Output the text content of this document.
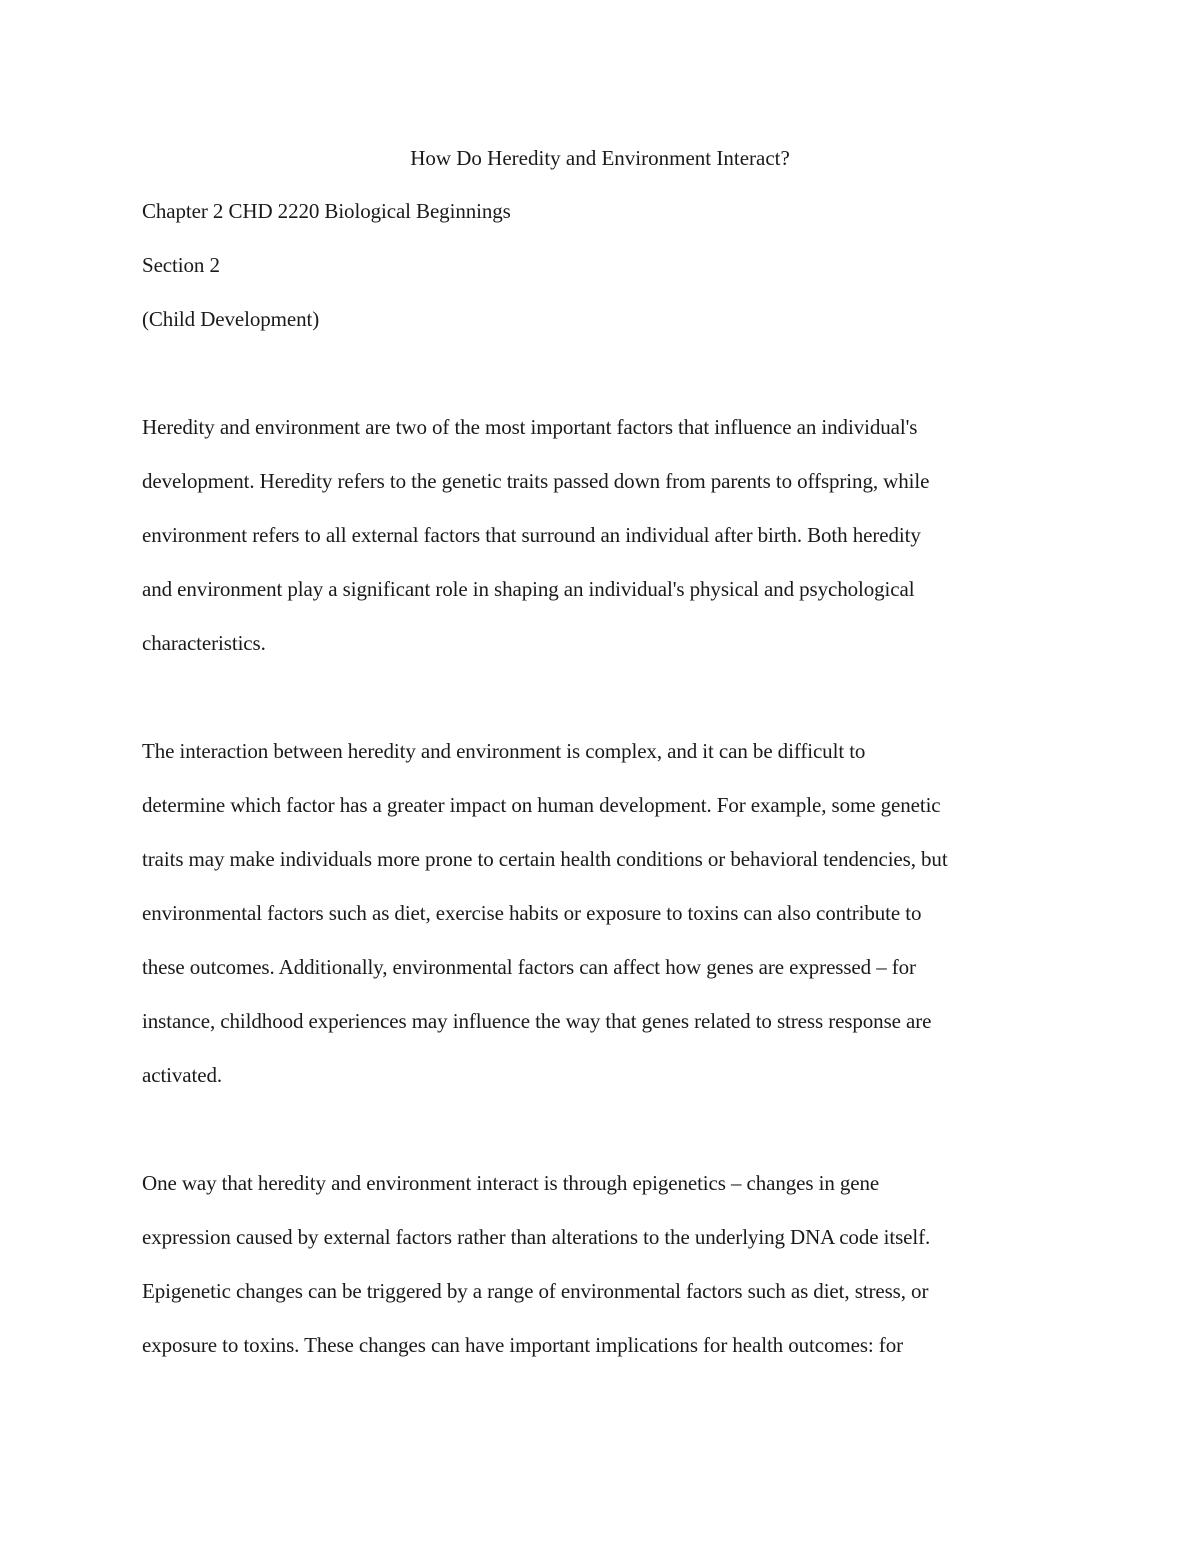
How Do Heredity and Environment Interact?
Chapter 2 CHD 2220 Biological Beginnings
Section 2
(Child Development)
Heredity and environment are two of the most important factors that influence an individual's
development. Heredity refers to the genetic traits passed down from parents to offspring, while
environment refers to all external factors that surround an individual after birth. Both heredity
and environment play a significant role in shaping an individual's physical and psychological
characteristics.
The interaction between heredity and environment is complex, and it can be difficult to
determine which factor has a greater impact on human development. For example, some genetic
traits may make individuals more prone to certain health conditions or behavioral tendencies, but
environmental factors such as diet, exercise habits or exposure to toxins can also contribute to
these outcomes. Additionally, environmental factors can affect how genes are expressed – for
instance, childhood experiences may influence the way that genes related to stress response are
activated.
One way that heredity and environment interact is through epigenetics – changes in gene
expression caused by external factors rather than alterations to the underlying DNA code itself.
Epigenetic changes can be triggered by a range of environmental factors such as diet, stress, or
exposure to toxins. These changes can have important implications for health outcomes: for
